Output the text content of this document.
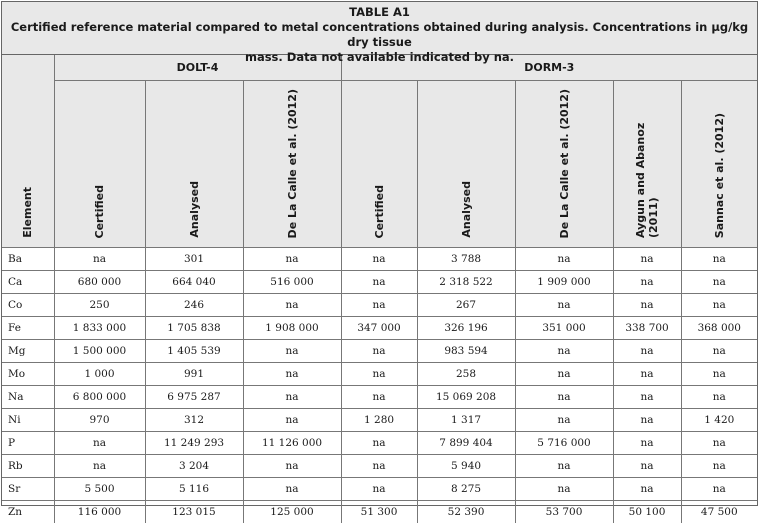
TABLE A1
Certified reference material compared to metal concentrations obtained during analysis. Concentrations in µg/kg dry tissue
mass. Data not available indicated by na.
Element	DOLT-4			DORM-3				
	Certified	Analysed	De La Calle et al. (2012)	Certified	Analysed	De La Calle et al. (2012)	Aygun and Abanoz (2011)	Sannac et al. (2012)
Ba	na	301	na	na	3 788	na	na	na
Ca	680 000	664 040	516 000	na	2 318 522	1 909 000	na	na
Co	250	246	na	na	267	na	na	na
Fe	1 833 000	1 705 838	1 908 000	347 000	326 196	351 000	338 700	368 000
Mg	1 500 000	1 405 539	na	na	983 594	na	na	na
Mo	1 000	991	na	na	258	na	na	na
Na	6 800 000	6 975 287	na	na	15 069 208	na	na	na
Ni	970	312	na	1 280	1 317	na	na	1 420
P	na	11 249 293	11 126 000	na	7 899 404	5 716 000	na	na
Rb	na	3 204	na	na	5 940	na	na	na
Sr	5 500	5 116	na	na	8 275	na	na	na
Zn	116 000	123 015	125 000	51 300	52 390	53 700	50 100	47 500
